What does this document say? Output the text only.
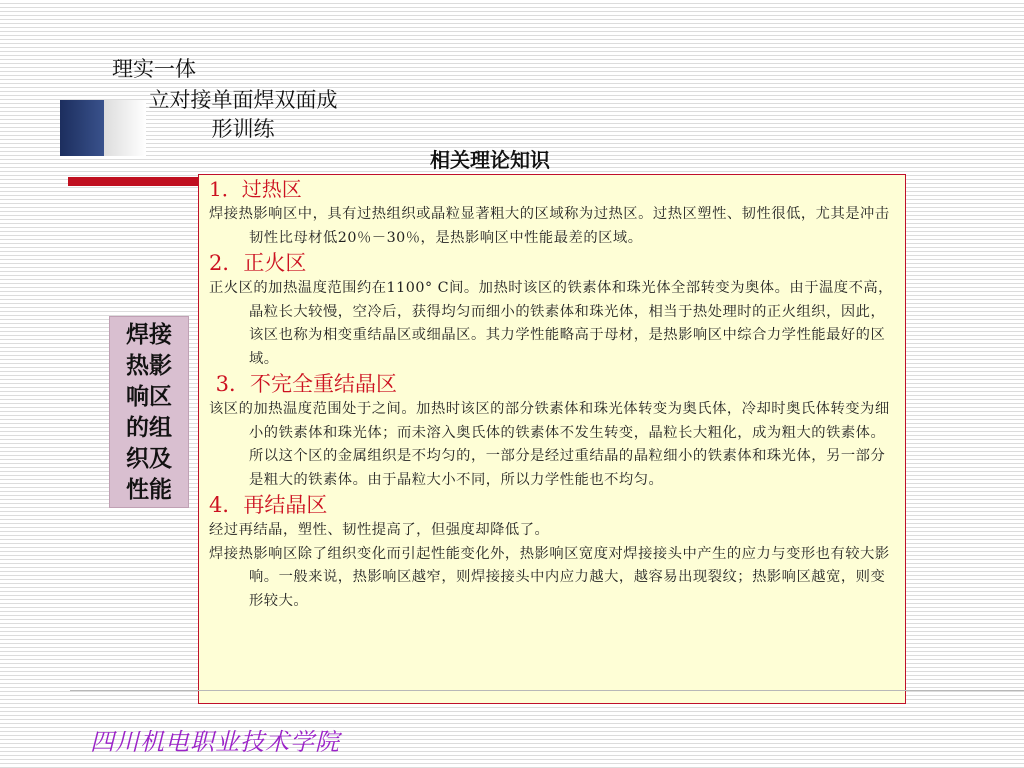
理实一体
立对接单面焊双面成形训练
相关理论知识
焊接热影响区的组织及性能
1．过热区

焊接热影响区中，具有过热组织或晶粒显著粗大的区域称为过热区。过热区塑性、韧性很低，尤其是冲击韧性比母材低20％－30％，是热影响区中性能最差的区域。

2．正火区

正火区的加热温度范围约在1100° C间。加热时该区的铁素体和珠光体全部转变为奥体。由于温度不高，晶粒长大较慢，空冷后，获得均匀而细小的铁素体和珠光体，相当于热处理时的正火组织，因此，该区也称为相变重结晶区或细晶区。其力学性能略高于母材，是热影响区中综合力学性能最好的区域。

3．不完全重结晶区

该区的加热温度范围处于之间。加热时该区的部分铁素体和珠光体转变为奥氏体，冷却时奥氏体转变为细小的铁素体和珠光体；而未溶入奥氏体的铁素体不发生转变，晶粒长大粗化，成为粗大的铁素体。所以这个区的金属组织是不均匀的，一部分是经过重结晶的晶粒细小的铁素体和珠光体，另一部分是粗大的铁素体。由于晶粒大小不同，所以力学性能也不均匀。

4．再结晶区

经过再结晶，塑性、韧性提高了，但强度却降低了。

焊接热影响区除了组织变化而引起性能变化外，热影响区宽度对焊接接头中产生的应力与变形也有较大影响。一般来说，热影响区越窄，则焊接接头中内应力越大，越容易出现裂纹；热影响区越宽，则变形较大。

四川机电职业技术学院
